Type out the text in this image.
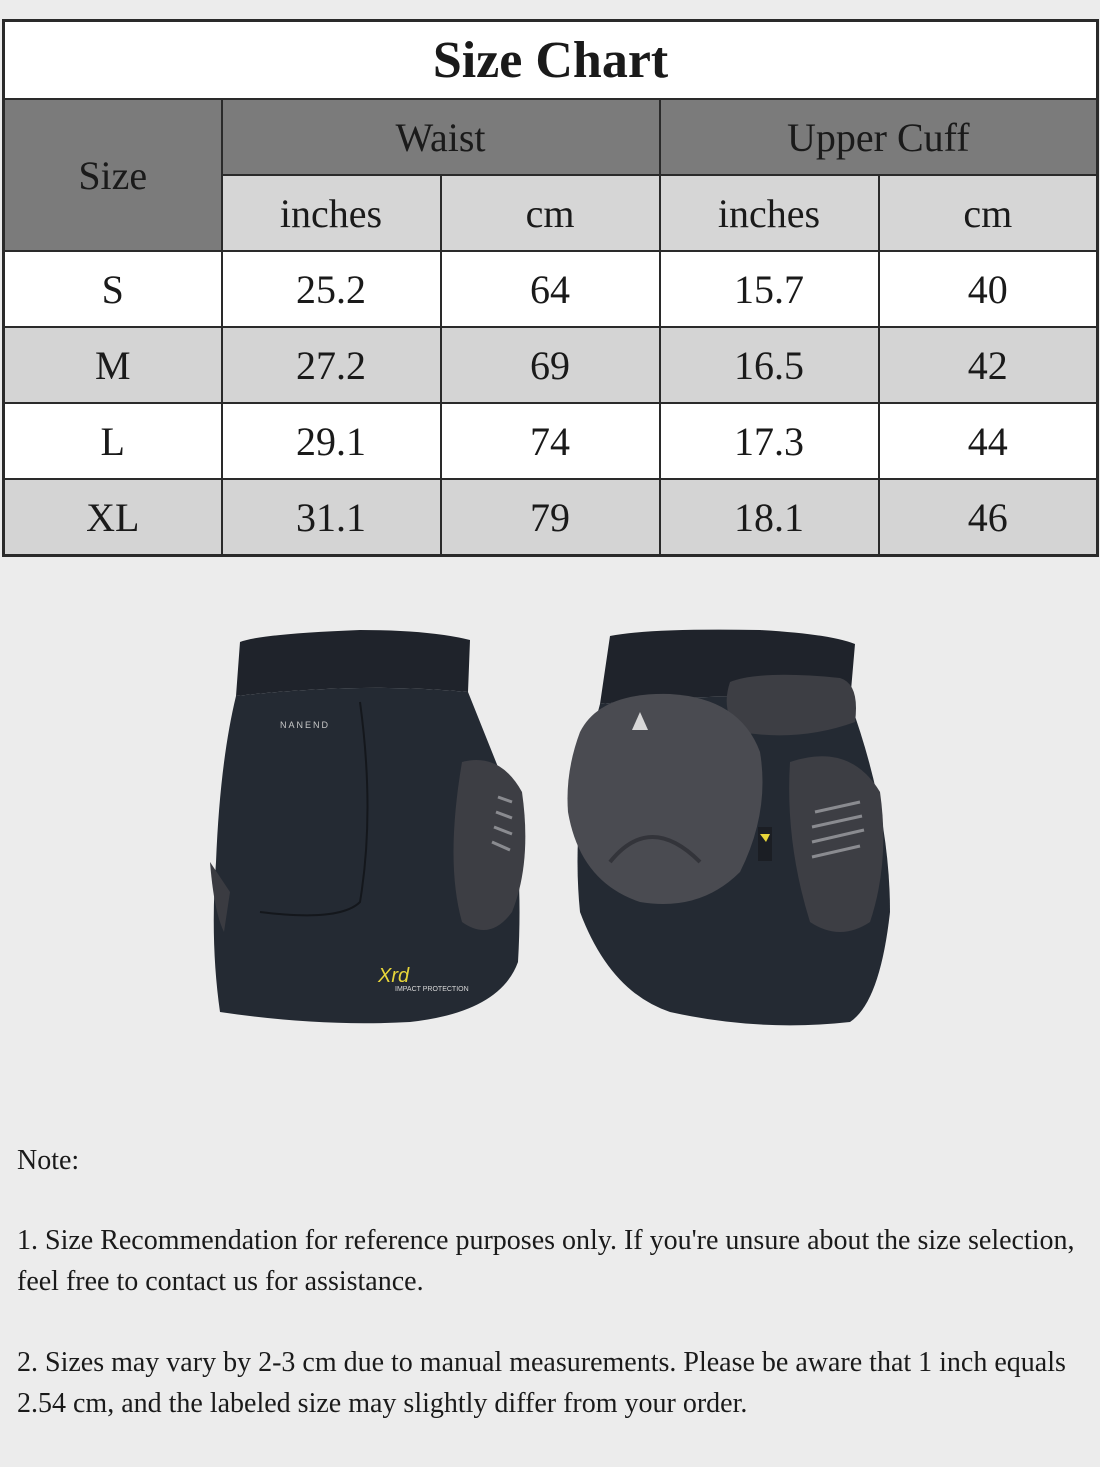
Size Chart				
Size	Waist		Upper Cuff	
	inches	cm	inches	cm
S	25.2	64	15.7	40
M	27.2	69	16.5	42
L	29.1	74	17.3	44
XL	31.1	79	18.1	46
NANEND
Xrd
IMPACT PROTECTION

Note:

1. Size Recommendation for reference purposes only. If you're unsure about the size selection, feel free to contact us for assistance.

2. Sizes may vary by 2-3 cm due to manual measurements. Please be aware that 1 inch equals 2.54 cm, and the labeled size may slightly differ from your order.
